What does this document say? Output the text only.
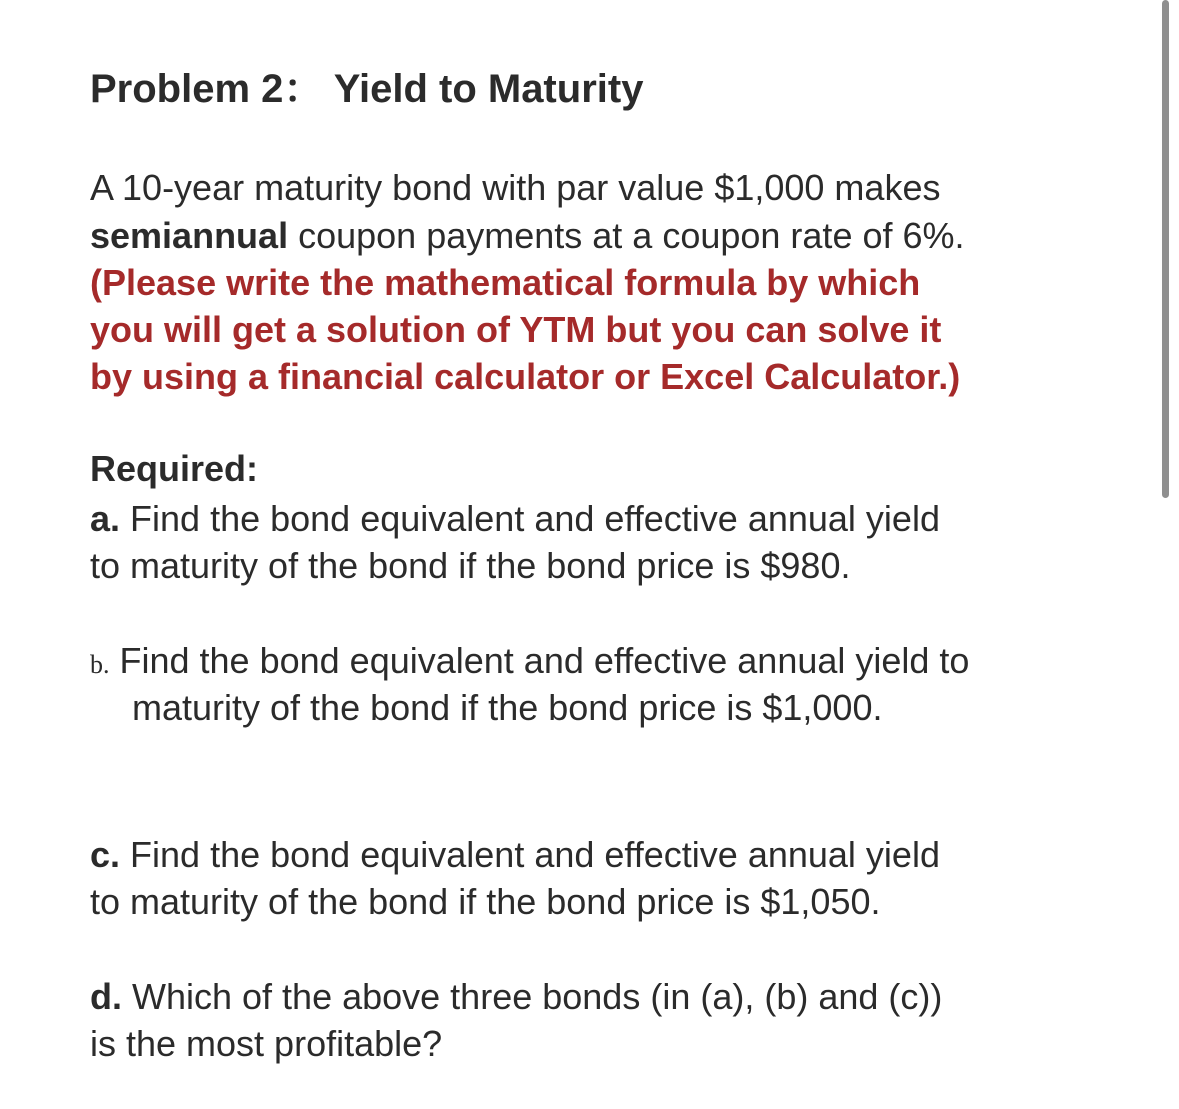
Problem 2： Yield to Maturity
A 10-year maturity bond with par value $1,000 makes
semiannual coupon payments at a coupon rate of 6%.
(Please write the mathematical formula by which
you will get a solution of YTM but you can solve it
by using a financial calculator or Excel Calculator.)
Required:
a. Find the bond equivalent and effective annual yield
to maturity of the bond if the bond price is $980.
b. Find the bond equivalent and effective annual yield to
maturity of the bond if the bond price is $1,000.
c. Find the bond equivalent and effective annual yield
to maturity of the bond if the bond price is $1,050.
d. Which of the above three bonds (in (a), (b) and (c))
is the most profitable?
